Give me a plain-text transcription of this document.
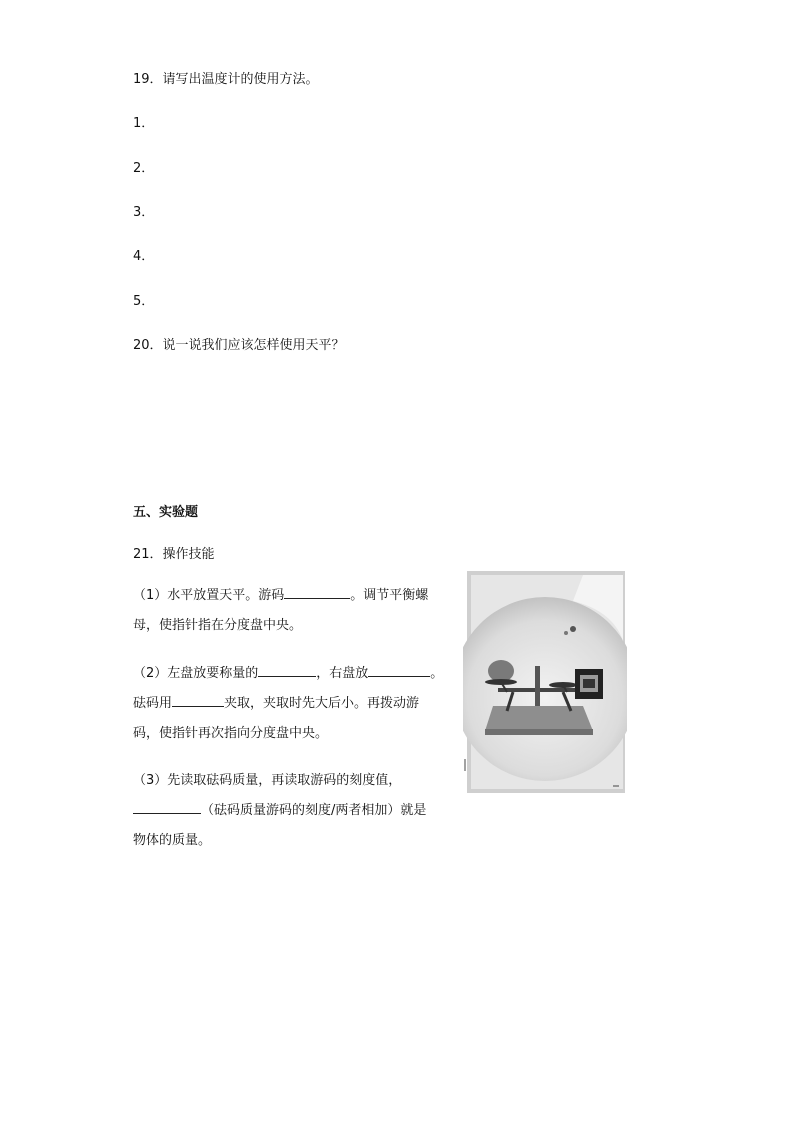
19．请写出温度计的使用方法。
1．
2．
3．
4．
5．
20．说一说我们应该怎样使用天平？
五、实验题
21．操作技能
（1）水平放置天平。游码	。调节平衡螺
母，使指针指在分度盘中央。
（2）左盘放要称量的	，右盘放	。
砝码用	夹取，夹取时先大后小。再拨动游
码，使指针再次指向分度盘中央。
（3）先读取砝码质量，再读取游码的刻度值，
（砝码质量游码的刻度/两者相加）就是
物体的质量。
